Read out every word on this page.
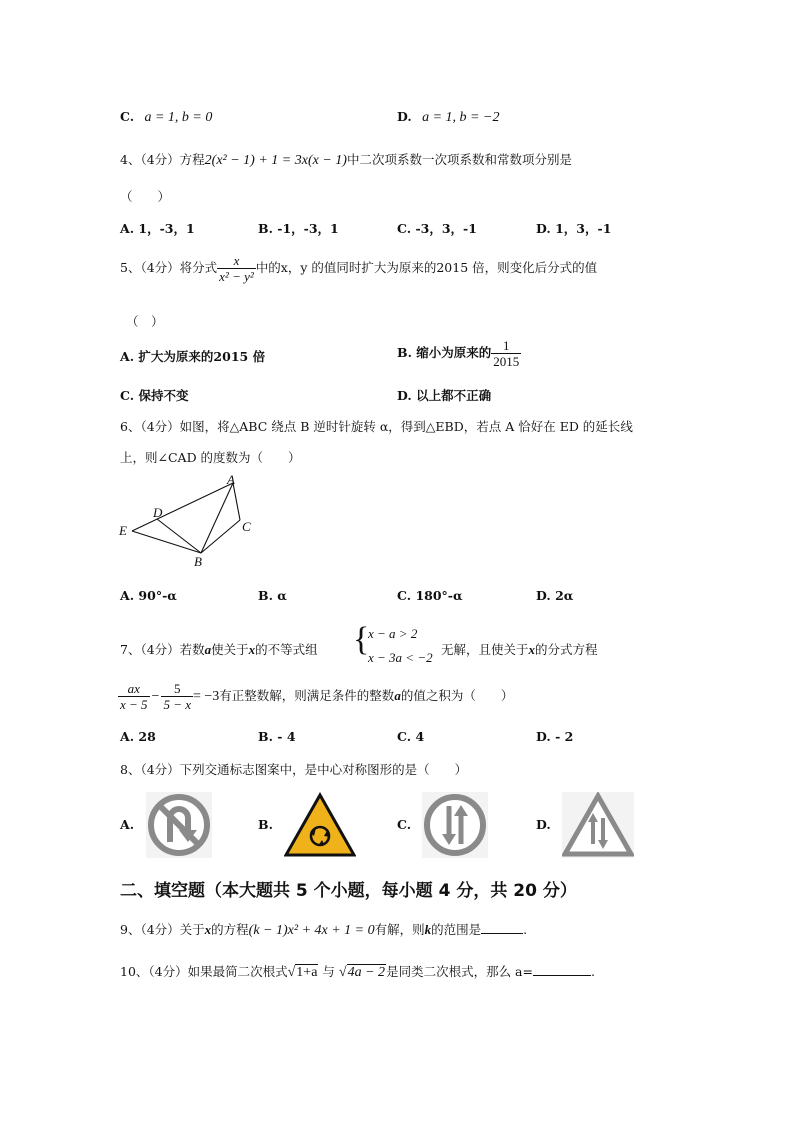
C. a = 1, b = 0	D. a = 1, b = −2
4、（4分）方程2(x² − 1) + 1 = 3x(x − 1)中二次项系数一次项系数和常数项分别是
（　　）
A. 1，-3，1	B. -1，-3，1	C. -3，3，-1	D. 1，3，-1
5、（4分）将分式 $\frac{x}{\text{x² − y²}}$ 中的x，y 的值同时扩大为原来的2015 倍，则变化后分式的值
（　）
A. 扩大为原来的2015 倍	B. 缩小为原来的 $\frac{1}{2015}$
C. 保持不变	D. 以上都不正确
6、（4分）如图，将△ABC 绕点 B 逆时针旋转 α，得到△EBD，若点 A 恰好在 ED 的延长线
上，则∠CAD 的度数为（　　）
A
B
C
D
E
A. 90°-α	B. α	C. 180°-α	D. 2α
7、（4分）若数a使关于x的不等式组 {
x − a > 2
x − 3a < −2
无解，且使关于x的分式方程
$\frac{ax}{x - 5} - \frac{5}{5 - x} = -3$有正整数解，则满足条件的整数a的值之积为（　　）
A. 28	B. - 4	C. 4	D. - 2
8、（4分）下列交通标志图案中，是中心对称图形的是（　　）
A.	B.	C.	D.
二、填空题（本大题共 5 个小题，每小题 4 分，共 20 分）
9、（4分）关于x的方程(k − 1)x² + 4x + 1 = 0有解，则k的范围是	.
10、（4分）如果最简二次根式√1+a 与 √4a − 2是同类二次根式，那么 a=	.
